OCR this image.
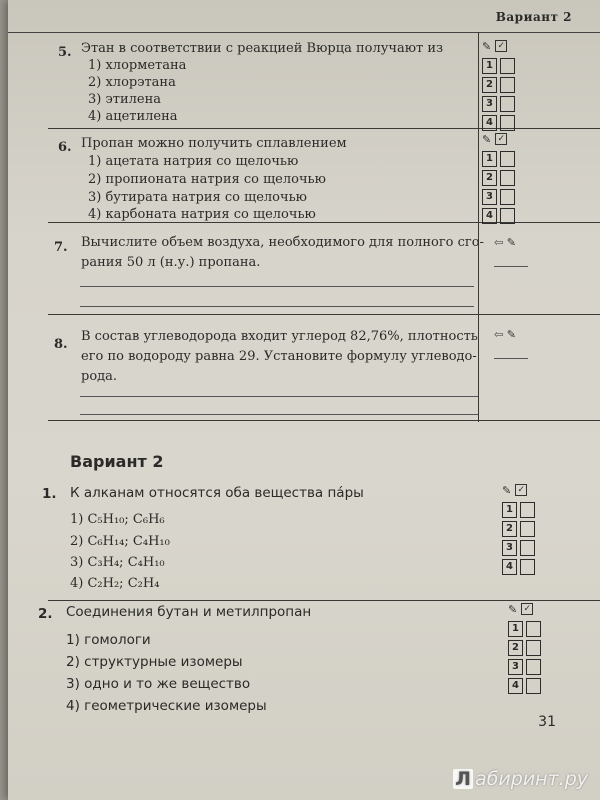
Вариант 2
5. Этан в соответствии с реакцией Вюрца получают из
1) хлорметана
2) хлорэтана
3) этилена
4) ацетилена
✎ ✓
1
2
3
4
6. Пропан можно получить сплавлением
1) ацетата натрия со щелочью
2) пропионата натрия со щелочью
3) бутирата натрия со щелочью
4) карбоната натрия со щелочью
✎ ✓
1
2
3
4
7. Вычислите объем воздуха, необходимого для полного сго-
рания 50 л (н.у.) пропана.
⇦ ✎
8.
В состав углеводорода входит углерод 82,76%, плотность
его по водороду равна 29. Установите формулу углеводо-
рода.
⇦ ✎
Вариант 2
1. К алканам относятся оба вещества пáры
1) C₅H₁₀; C₆H₆
2) C₆H₁₄; C₄H₁₀
3) C₃H₄; C₄H₁₀
4) C₂H₂; C₂H₄
✎ ✓
1
2
3
4
2. Соединения бутан и метилпропан
1) гомологи
2) структурные изомеры
3) одно и то же вещество
4) геометрические изомеры
✎ ✓
1
2
3
4
31
Л абиринт.ру
